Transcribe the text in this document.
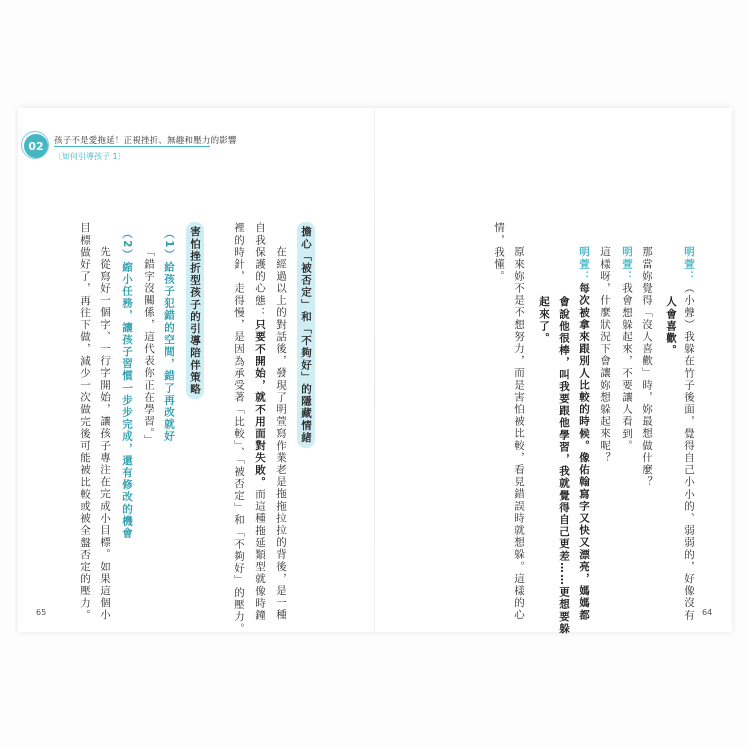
02 孩子不是愛拖延！正視挫折、無趣和壓力的影響
〔如何引導孩子 1〕
明萱：（小聲）我躲在竹子後面，覺得自己小小的、弱弱的，好像沒有
人會喜歡。
那當妳覺得「沒人喜歡」時，妳最想做什麼？
明萱：我會想躲起來，不要讓人看到。
這樣呀，什麼狀況下會讓妳想躲起來呢？
明萱：每次被拿來跟別人比較的時候。像佑翰寫字又快又漂亮，媽媽都
會說他很棒，叫我要跟他學習，我就覺得自己更差……更想要躲
起來了。
原來妳不是不想努力，而是害怕被比較，看見錯誤時就想躲。這樣的心
情，我懂。
64
擔心「被否定」和「不夠好」的隱藏情緒
在經過以上的對話後，發現了明萱寫作業老是拖拖拉拉的背後，是一種
自我保護的心態：只要不開始，就不用面對失敗。而這種拖延類型就像時鐘
裡的時針，走得慢，是因為承受著「比較」、「被否定」和「不夠好」的壓力。
害怕挫折型孩子的引導陪伴策略
（1）給孩子犯錯的空間，錯了再改就好
「錯字沒關係，這代表你正在學習。」
（2）縮小任務，讓孩子習慣一步步完成，還有修改的機會
先從寫好一個字、一行字開始，讓孩子專注在完成小目標。如果這個小
目標做好了，再往下做，減少一次做完後可能被比較或被全盤否定的壓力。
65
